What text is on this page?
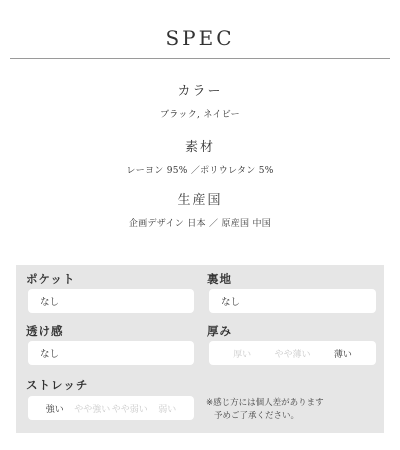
SPEC
カラー
ブラック, ネイビー
素材
レーヨン 95% ／ポリウレタン 5%
生産国
企画デザイン 日本 ／ 原産国 中国
ポケット
なし
裏地
なし
透け感
なし
厚み
厚い	やや薄い	薄い
ストレッチ
強い	やや強い やや弱い	弱い
※感じ方には個人差があります
予めご了承ください。
